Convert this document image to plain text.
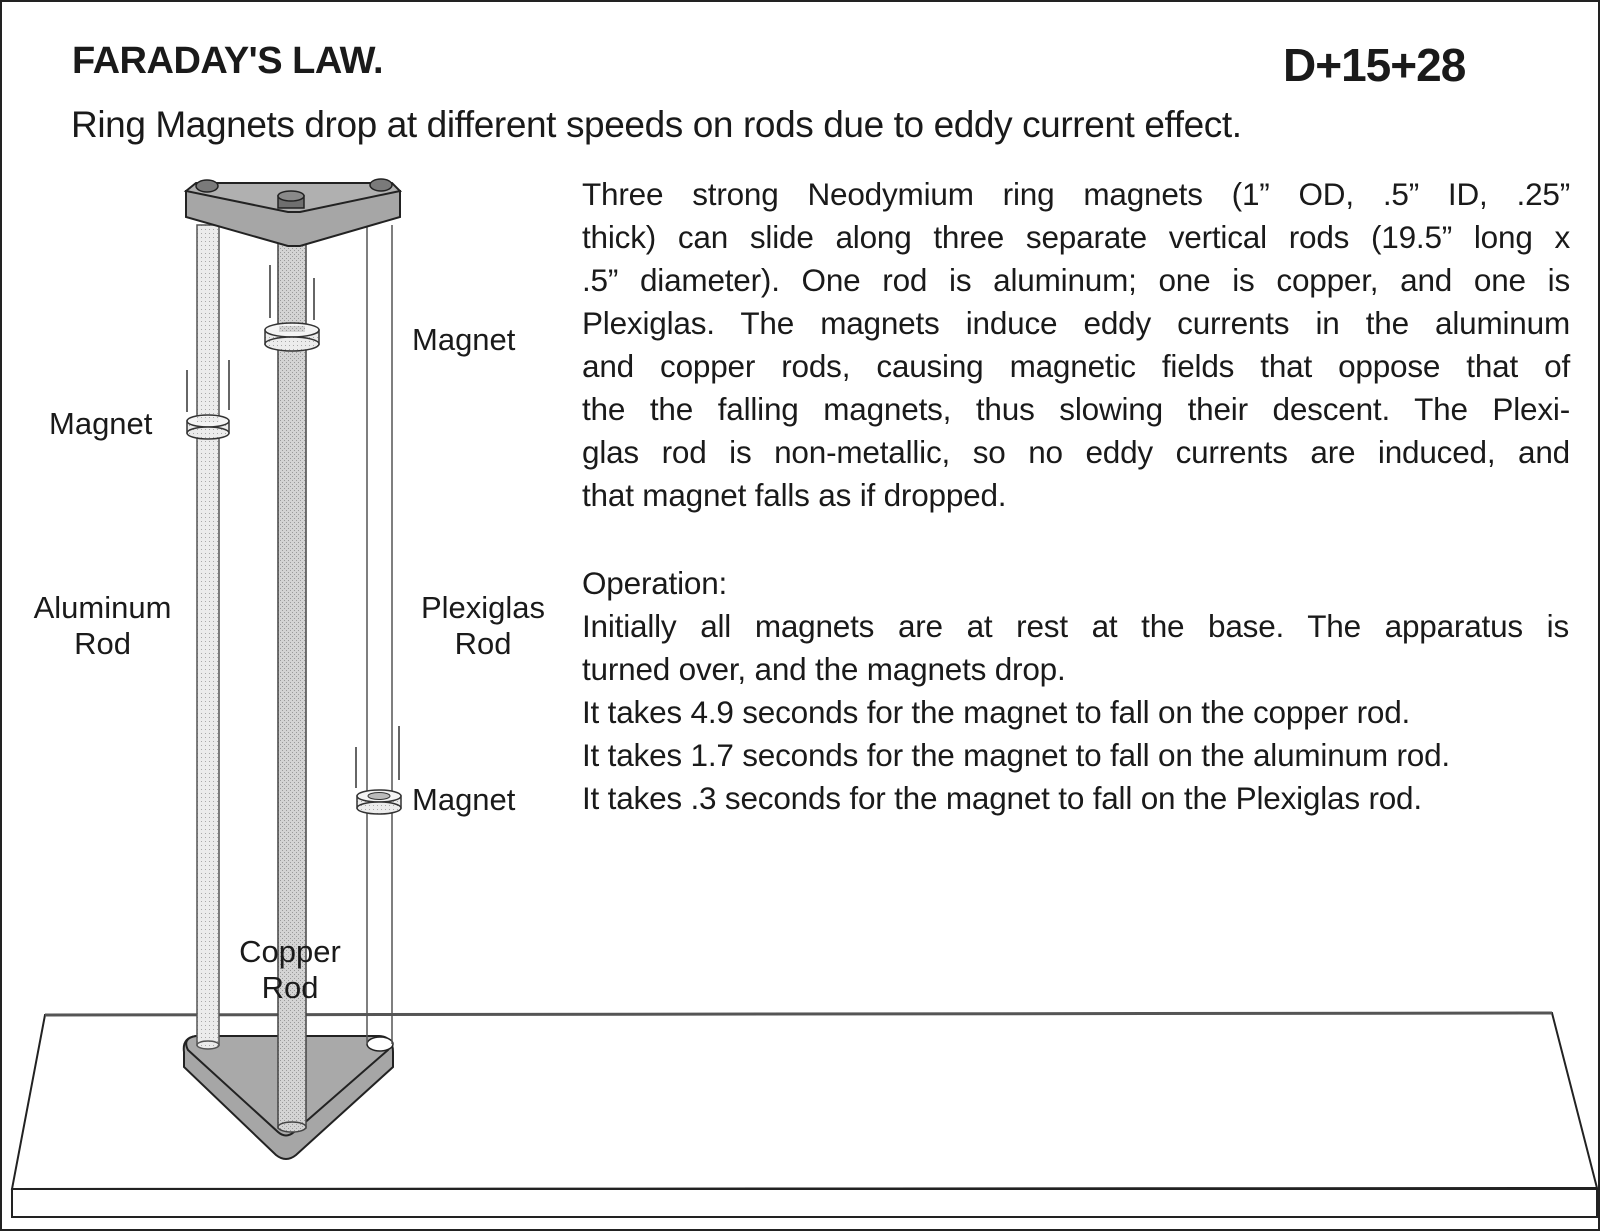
FARADAY'S LAW.	D+15+28
Ring Magnets drop at different speeds on rods due to eddy current effect.
Magnet
Magnet
Magnet
Aluminum
Rod
Plexiglas
Rod
Copper
Rod
Three strong Neodymium ring magnets (1” OD, .5” ID, .25”
thick) can slide along three separate vertical rods (19.5” long x
.5” diameter). One rod is aluminum; one is copper, and one is
Plexiglas. The magnets induce eddy currents in the aluminum
and copper rods, causing magnetic fields that oppose that of
the the falling magnets, thus slowing their descent. The Plexi-
glas rod is non-metallic, so no eddy currents are induced, and
that magnet falls as if dropped.
Operation:
Initially all magnets are at rest at the base. The apparatus is
turned over, and the magnets drop.
It takes 4.9 seconds for the magnet to fall on the copper rod.
It takes 1.7 seconds for the magnet to fall on the aluminum rod.
It takes .3 seconds for the magnet to fall on the Plexiglas rod.
